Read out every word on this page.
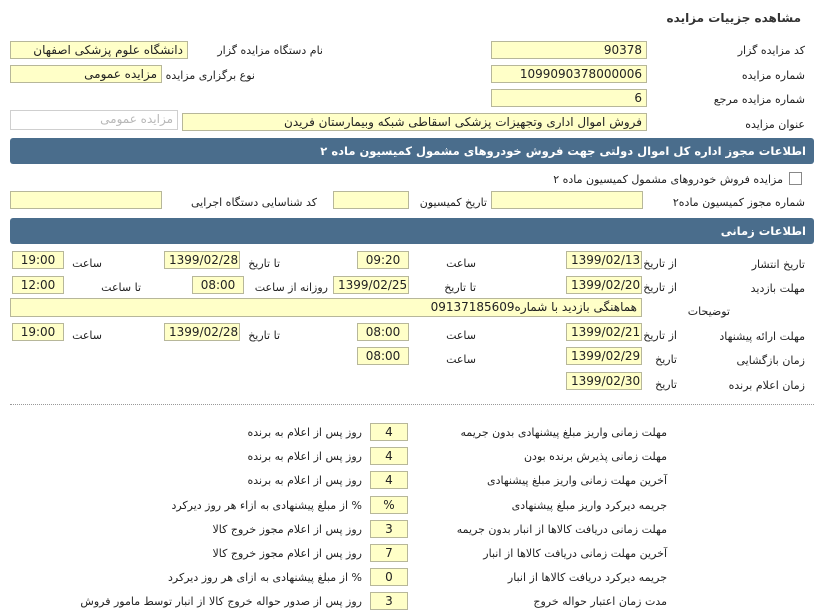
مشاهده جزییات مزایده
کد مزایده گزار
90378
نام دستگاه مزایده گزار
دانشگاه علوم پزشکی اصفهان
شماره مزایده
1099090378000006
نوع برگزاری مزایده
مزایده عمومی
شماره مزایده مرجع
6
عنوان مزایده
فروش اموال اداری وتجهیزات پزشکی اسقاطی شبکه وبیمارستان فریدن
مزایده عمومی
اطلاعات مجوز اداره کل اموال دولتی جهت فروش خودروهای مشمول کمیسیون ماده ۲
مزایده فروش خودروهای مشمول کمیسیون ماده ۲
شماره مجوز کمیسیون ماده۲
تاریخ کمیسیون
کد شناسایی دستگاه اجرایی
اطلاعات زمانی
تاریخ انتشار
از تاریخ
1399/02/13
ساعت
09:20
تا تاریخ
1399/02/28
ساعت
19:00
مهلت بازدید
از تاریخ
1399/02/20
تا تاریخ
1399/02/25
روزانه از ساعت
08:00
تا ساعت
12:00
توضیحات
هماهنگی بازدید با شماره09137185609
مهلت ارائه پیشنهاد
از تاریخ
1399/02/21
ساعت
08:00
تا تاریخ
1399/02/28
ساعت
19:00
زمان بازگشایی
تاریخ
1399/02/29
ساعت
08:00
زمان اعلام برنده
تاریخ
1399/02/30
مهلت زمانی واریز مبلغ پیشنهادی بدون جریمه
4
روز پس از اعلام به برنده
مهلت زمانی پذیرش برنده بودن
4
روز پس از اعلام به برنده
آخرین مهلت زمانی واریز مبلغ پیشنهادی
4
روز پس از اعلام به برنده
جریمه دیرکرد واریز مبلغ پیشنهادی
%
% از مبلغ پیشنهادی به ازاء هر روز دیرکرد
مهلت زمانی دریافت کالاها از انبار بدون جریمه
3
روز پس از اعلام مجوز خروج کالا
آخرین مهلت زمانی دریافت کالاها از انبار
7
روز پس از اعلام مجوز خروج کالا
جریمه دیرکرد دریافت کالاها از انبار
0
% از مبلغ پیشنهادی به ازای هر روز دیرکرد
مدت زمان اعتبار حواله خروج
3
روز پس از صدور حواله خروج کالا از انبار توسط مامور فروش
